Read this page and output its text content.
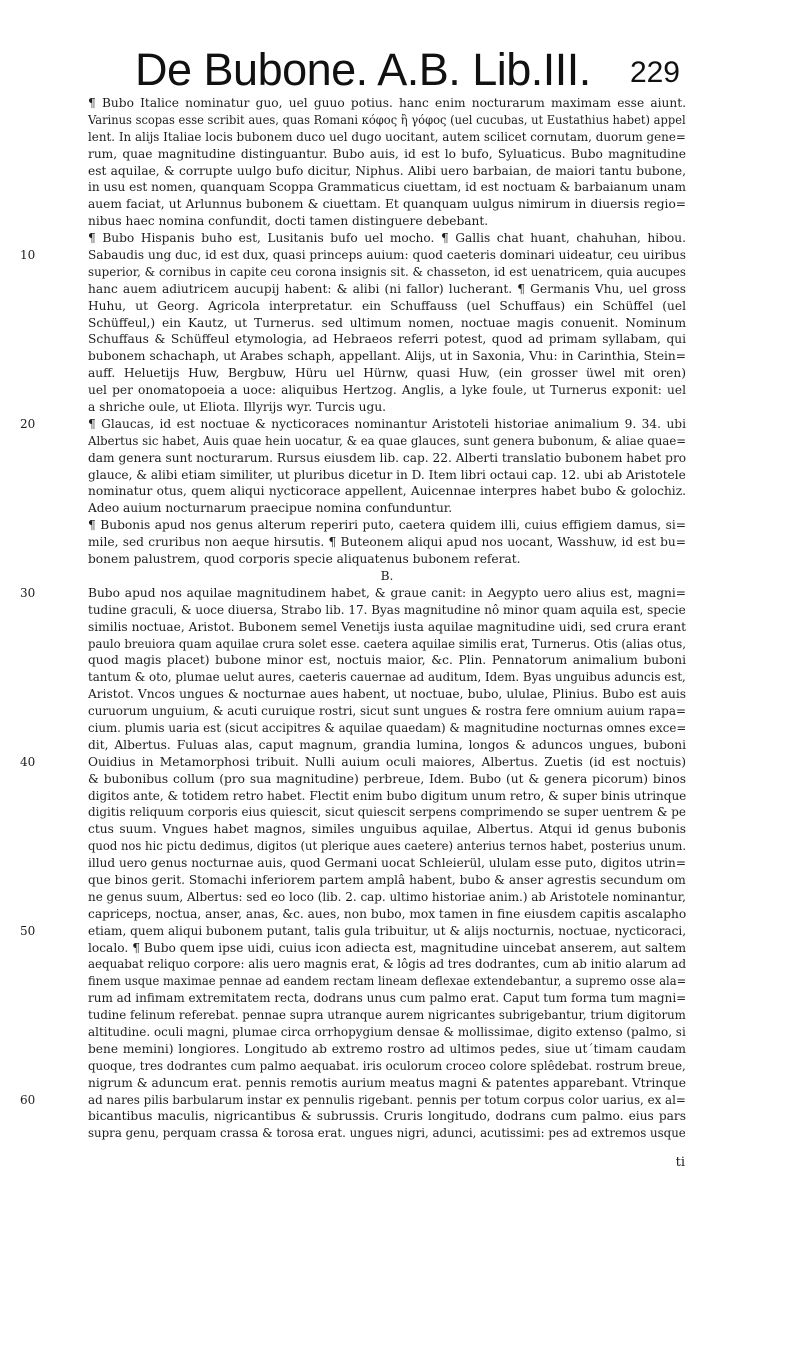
De Bubone. A.B. Lib.III. 229
¶ Bubo Italice nominatur guo, uel guuo potius. hanc enim nocturarum maximam esse aiunt.
Varinus scopas esse scribit aues, quas Romani κόφος ἢ γόφος (uel cucubas, ut Eustathius habet) appel
lent. In alijs Italiae locis bubonem duco uel dugo uocitant, autem scilicet cornutam, duorum gene=
rum, quae magnitudine distinguantur. Bubo auis, id est lo bufo, Syluaticus. Bubo magnitudine
est aquilae, & corrupte uulgo bufo dicitur, Niphus. Alibi uero barbaian, de maiori tantu bubone,
in usu est nomen, quanquam Scoppa Grammaticus ciuettam, id est noctuam & barbaianum unam
auem faciat, ut Arlunnus bubonem & ciuettam. Et quanquam uulgus nimirum in diuersis regio=
nibus haec nomina confundit, docti tamen distinguere debebant.
¶ Bubo Hispanis buho est, Lusitanis bufo uel mocho. ¶ Gallis chat huant, chahuhan, hibou.
10	Sabaudis ung duc, id est dux, quasi princeps auium: quod caeteris dominari uideatur, ceu uiribus
superior, & cornibus in capite ceu corona insignis sit. & chasseton, id est uenatricem, quia aucupes
hanc auem adiutricem aucupij habent: & alibi (ni fallor) lucherant. ¶ Germanis Vhu, uel gross
Huhu, ut Georg. Agricola interpretatur. ein Schuffauss (uel Schuffaus) ein Schüffel (uel
Schüffeul,) ein Kautz, ut Turnerus. sed ultimum nomen, noctuae magis conuenit. Nominum
Schuffaus & Schüffeul etymologia, ad Hebraeos referri potest, quod ad primam syllabam, qui
bubonem schachaph, ut Arabes schaph, appellant. Alijs, ut in Saxonia, Vhu: in Carinthia, Stein=
auff. Heluetijs Huw, Bergbuw, Hüru uel Hürnw, quasi Huw, (ein grosser üwel mit oren)
uel per onomatopoeia a uoce: aliquibus Hertzog. Anglis, a lyke foule, ut Turnerus exponit: uel
a shriche oule, ut Eliota. Illyrijs wyr. Turcis ugu.
20	¶ Glaucas, id est noctuae & nycticoraces nominantur Aristoteli historiae animalium 9. 34. ubi
Albertus sic habet, Auis quae hein uocatur, & ea quae glauces, sunt genera bubonum, & aliae quae=
dam genera sunt nocturarum. Rursus eiusdem lib. cap. 22. Alberti translatio bubonem habet pro
glauce, & alibi etiam similiter, ut pluribus dicetur in D. Item libri octaui cap. 12. ubi ab Aristotele
nominatur otus, quem aliqui nycticorace appellent, Auicennae interpres habet bubo & golochiz.
Adeo auium nocturnarum praecipue nomina confunduntur.
¶ Bubonis apud nos genus alterum reperiri puto, caetera quidem illi, cuius effigiem damus, si=
mile, sed cruribus non aeque hirsutis. ¶ Buteonem aliqui apud nos uocant, Wasshuw, id est bu=
bonem palustrem, quod corporis specie aliquatenus bubonem referat.
B.
30	Bubo apud nos aquilae magnitudinem habet, & graue canit: in Aegypto uero alius est, magni=
tudine graculi, & uoce diuersa, Strabo lib. 17. Byas magnitudine nô minor quam aquila est, specie
similis noctuae, Aristot. Bubonem semel Venetijs iusta aquilae magnitudine uidi, sed crura erant
paulo breuiora quam aquilae crura solet esse. caetera aquilae similis erat, Turnerus. Otis (alias otus,
quod magis placet) bubone minor est, noctuis maior, &c. Plin. Pennatorum animalium buboni
tantum & oto, plumae uelut aures, caeteris cauernae ad auditum, Idem. Byas unguibus aduncis est,
Aristot. Vncos ungues & nocturnae aues habent, ut noctuae, bubo, ululae, Plinius. Bubo est auis
curuorum unguium, & acuti curuique rostri, sicut sunt ungues & rostra fere omnium auium rapa=
cium. plumis uaria est (sicut accipitres & aquilae quaedam) & magnitudine nocturnas omnes exce=
dit, Albertus. Fuluas alas, caput magnum, grandia lumina, longos & aduncos ungues, buboni
40	Ouidius in Metamorphosi tribuit. Nulli auium oculi maiores, Albertus. Zuetis (id est noctuis)
& bubonibus collum (pro sua magnitudine) perbreue, Idem. Bubo (ut & genera picorum) binos
digitos ante, & totidem retro habet. Flectit enim bubo digitum unum retro, & super binis utrinque
digitis reliquum corporis eius quiescit, sicut quiescit serpens comprimendo se super uentrem & pe
ctus suum. Vngues habet magnos, similes unguibus aquilae, Albertus. Atqui id genus bubonis
quod nos hic pictu dedimus, digitos (ut plerique aues caetere) anterius ternos habet, posterius unum.
illud uero genus nocturnae auis, quod Germani uocat Schleierül, ululam esse puto, digitos utrin=
que binos gerit. Stomachi inferiorem partem amplâ habent, bubo & anser agrestis secundum om
ne genus suum, Albertus: sed eo loco (lib. 2. cap. ultimo historiae anim.) ab Aristotele nominantur,
capriceps, noctua, anser, anas, &c. aues, non bubo, mox tamen in fine eiusdem capitis ascalapho
50	etiam, quem aliqui bubonem putant, talis gula tribuitur, ut & alijs nocturnis, noctuae, nycticoraci,
localo. ¶ Bubo quem ipse uidi, cuius icon adiecta est, magnitudine uincebat anserem, aut saltem
aequabat reliquo corpore: alis uero magnis erat, & lôgis ad tres dodrantes, cum ab initio alarum ad
finem usque maximae pennae ad eandem rectam lineam deflexae extendebantur, a supremo osse ala=
rum ad infimam extremitatem recta, dodrans unus cum palmo erat. Caput tum forma tum magni=
tudine felinum referebat. pennae supra utranque aurem nigricantes subrigebantur, trium digitorum
altitudine. oculi magni, plumae circa orrhopygium densae & mollissimae, digito extenso (palmo, si
bene memini) longiores. Longitudo ab extremo rostro ad ultimos pedes, siue ut´timam caudam
quoque, tres dodrantes cum palmo aequabat. iris oculorum croceo colore splêdebat. rostrum breue,
nigrum & aduncum erat. pennis remotis aurium meatus magni & patentes apparebant. Vtrinque
60	ad nares pilis barbularum instar ex pennulis rigebant. pennis per totum corpus color uarius, ex al=
bicantibus maculis, nigricantibus & subrussis. Cruris longitudo, dodrans cum palmo. eius pars
supra genu, perquam crassa & torosa erat. ungues nigri, adunci, acutissimi: pes ad extremos usque
ti
